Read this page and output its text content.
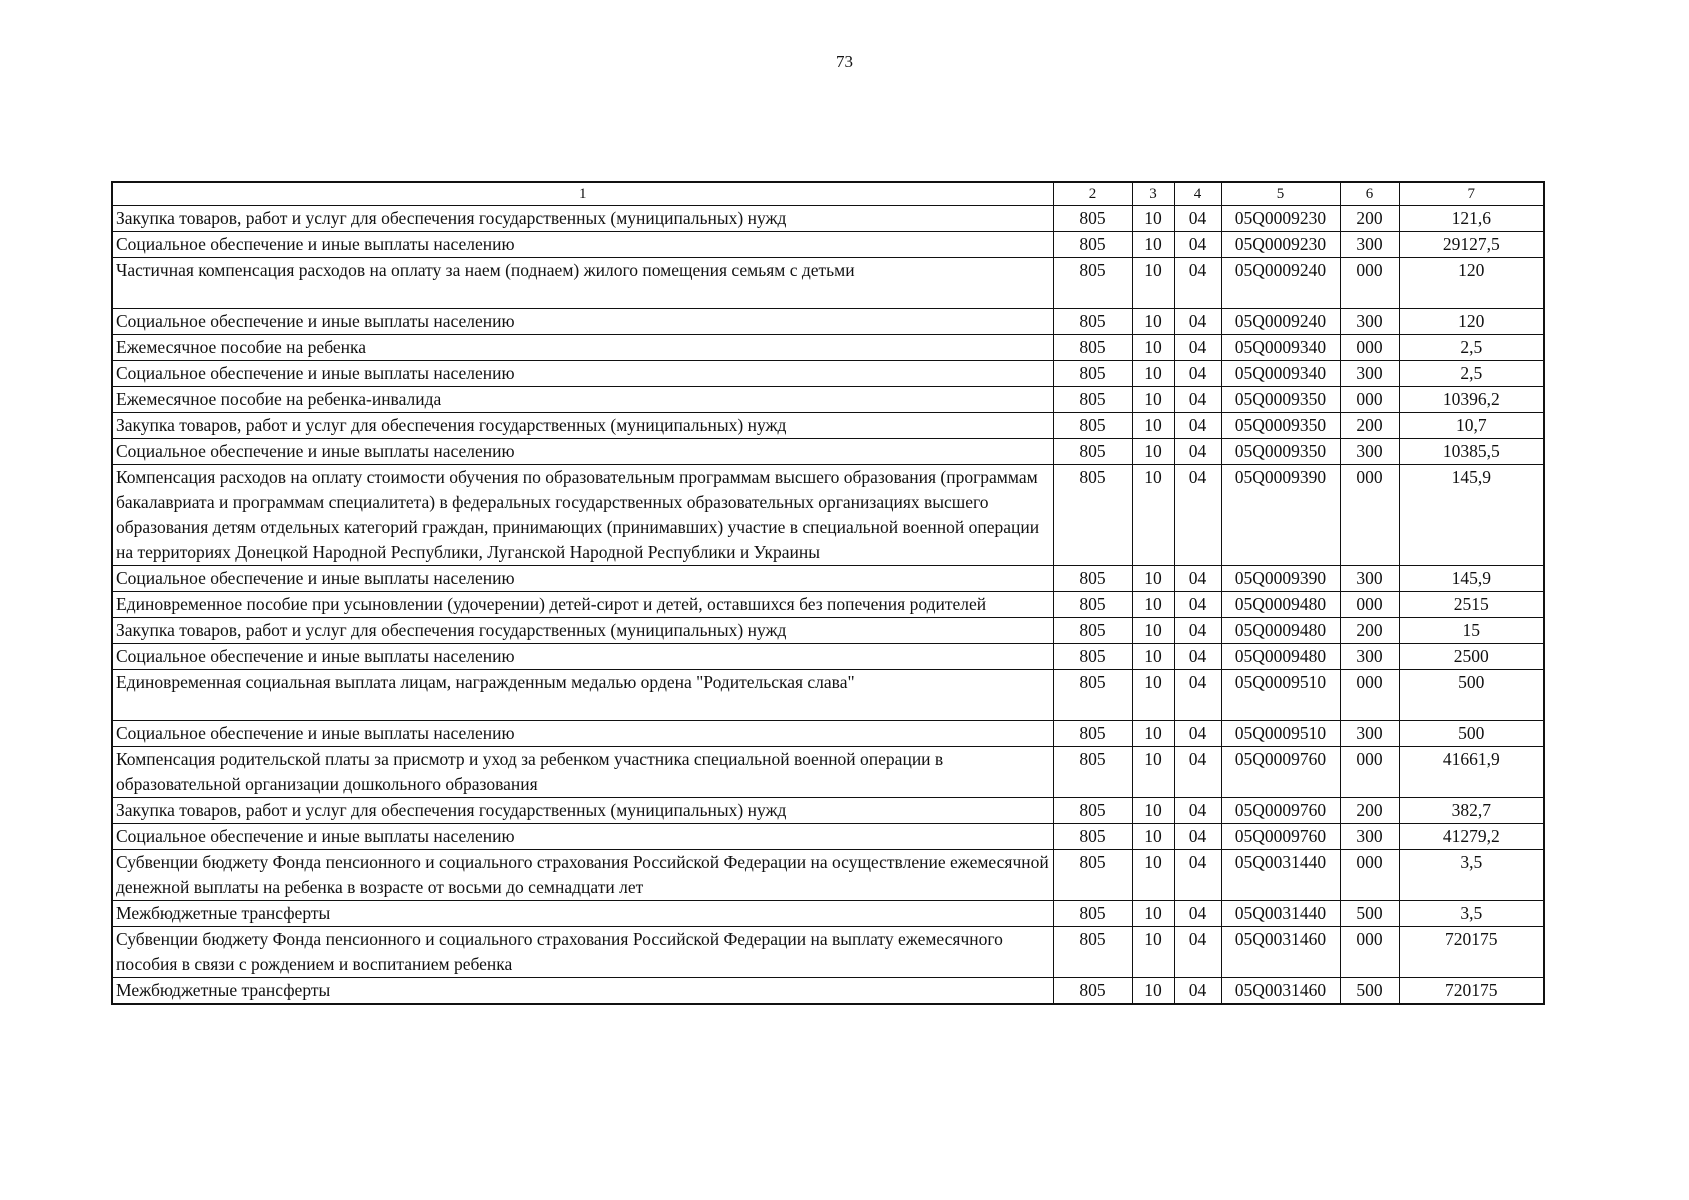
73
1	2	3	4	5	6	7
Закупка товаров, работ и услуг для обеспечения государственных (муниципальных) нужд	805	10	04	05Q0009230	200	121,6
Социальное обеспечение и иные выплаты населению	805	10	04	05Q0009230	300	29127,5
Частичная компенсация расходов на оплату за наем (поднаем) жилого помещения семьям с детьми	805	10	04	05Q0009240	000	120
Социальное обеспечение и иные выплаты населению	805	10	04	05Q0009240	300	120
Ежемесячное пособие на ребенка	805	10	04	05Q0009340	000	2,5
Социальное обеспечение и иные выплаты населению	805	10	04	05Q0009340	300	2,5
Ежемесячное пособие на ребенка-инвалида	805	10	04	05Q0009350	000	10396,2
Закупка товаров, работ и услуг для обеспечения государственных (муниципальных) нужд	805	10	04	05Q0009350	200	10,7
Социальное обеспечение и иные выплаты населению	805	10	04	05Q0009350	300	10385,5
Компенсация расходов на оплату стоимости обучения по образовательным программам высшего образования (программам бакалавриата и программам специалитета) в федеральных государственных образовательных организациях высшего образования детям отдельных категорий граждан, принимающих (принимавших) участие в специальной военной операции на территориях Донецкой Народной Республики, Луганской Народной Республики и Украины	805	10	04	05Q0009390	000	145,9
Социальное обеспечение и иные выплаты населению	805	10	04	05Q0009390	300	145,9
Единовременное пособие при усыновлении (удочерении) детей-сирот и детей, оставшихся без попечения родителей	805	10	04	05Q0009480	000	2515
Закупка товаров, работ и услуг для обеспечения государственных (муниципальных) нужд	805	10	04	05Q0009480	200	15
Социальное обеспечение и иные выплаты населению	805	10	04	05Q0009480	300	2500
Единовременная социальная выплата лицам, награжденным медалью ордена "Родительская слава"	805	10	04	05Q0009510	000	500
Социальное обеспечение и иные выплаты населению	805	10	04	05Q0009510	300	500
Компенсация родительской платы за присмотр и уход за ребенком участника специальной военной операции в образовательной организации дошкольного образования	805	10	04	05Q0009760	000	41661,9
Закупка товаров, работ и услуг для обеспечения государственных (муниципальных) нужд	805	10	04	05Q0009760	200	382,7
Социальное обеспечение и иные выплаты населению	805	10	04	05Q0009760	300	41279,2
Субвенции бюджету Фонда пенсионного и социального страхования Российской Федерации на осуществление ежемесячной денежной выплаты на ребенка в возрасте от восьми до семнадцати лет	805	10	04	05Q0031440	000	3,5
Межбюджетные трансферты	805	10	04	05Q0031440	500	3,5
Субвенции бюджету Фонда пенсионного и социального страхования Российской Федерации на выплату ежемесячного пособия в связи с рождением и воспитанием ребенка	805	10	04	05Q0031460	000	720175
Межбюджетные трансферты	805	10	04	05Q0031460	500	720175
